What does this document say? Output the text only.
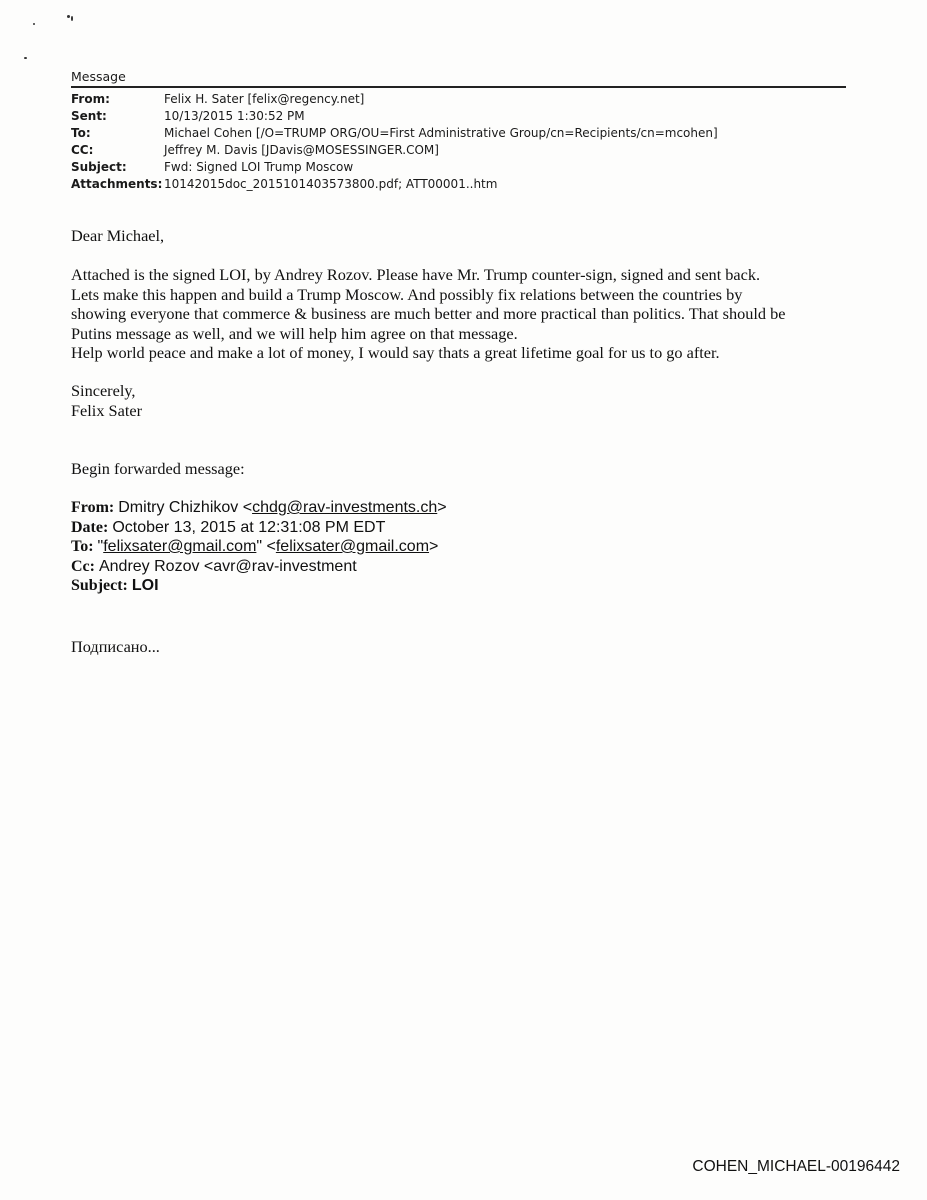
Message
From:	Felix H. Sater [felix@regency.net]
Sent:	10/13/2015 1:30:52 PM
To:	Michael Cohen [/O=TRUMP ORG/OU=First Administrative Group/cn=Recipients/cn=mcohen]
CC:	Jeffrey M. Davis [JDavis@MOSESSINGER.COM]
Subject:	Fwd: Signed LOI Trump Moscow
Attachments: 10142015doc_2015101403573800.pdf; ATT00001..htm

Dear Michael,

Attached is the signed LOI, by Andrey Rozov. Please have Mr. Trump counter-sign, signed and sent back.
Lets make this happen and build a Trump Moscow. And possibly fix relations between the countries by
showing everyone that commerce & business are much better and more practical than politics. That should be
Putins message as well, and we will help him agree on that message.
Help world peace and make a lot of money, I would say thats a great lifetime goal for us to go after.
Sincerely,
Felix Sater

Begin forwarded message:

From: Dmitry Chizhikov <chdg@rav-investments.ch>
Date: October 13, 2015 at 12:31:08 PM EDT
To: "felixsater@gmail.com" <felixsater@gmail.com>
Cc: Andrey Rozov <avr@rav-investment
Subject: LOI

Подписано...

COHEN_MICHAEL-00196442
